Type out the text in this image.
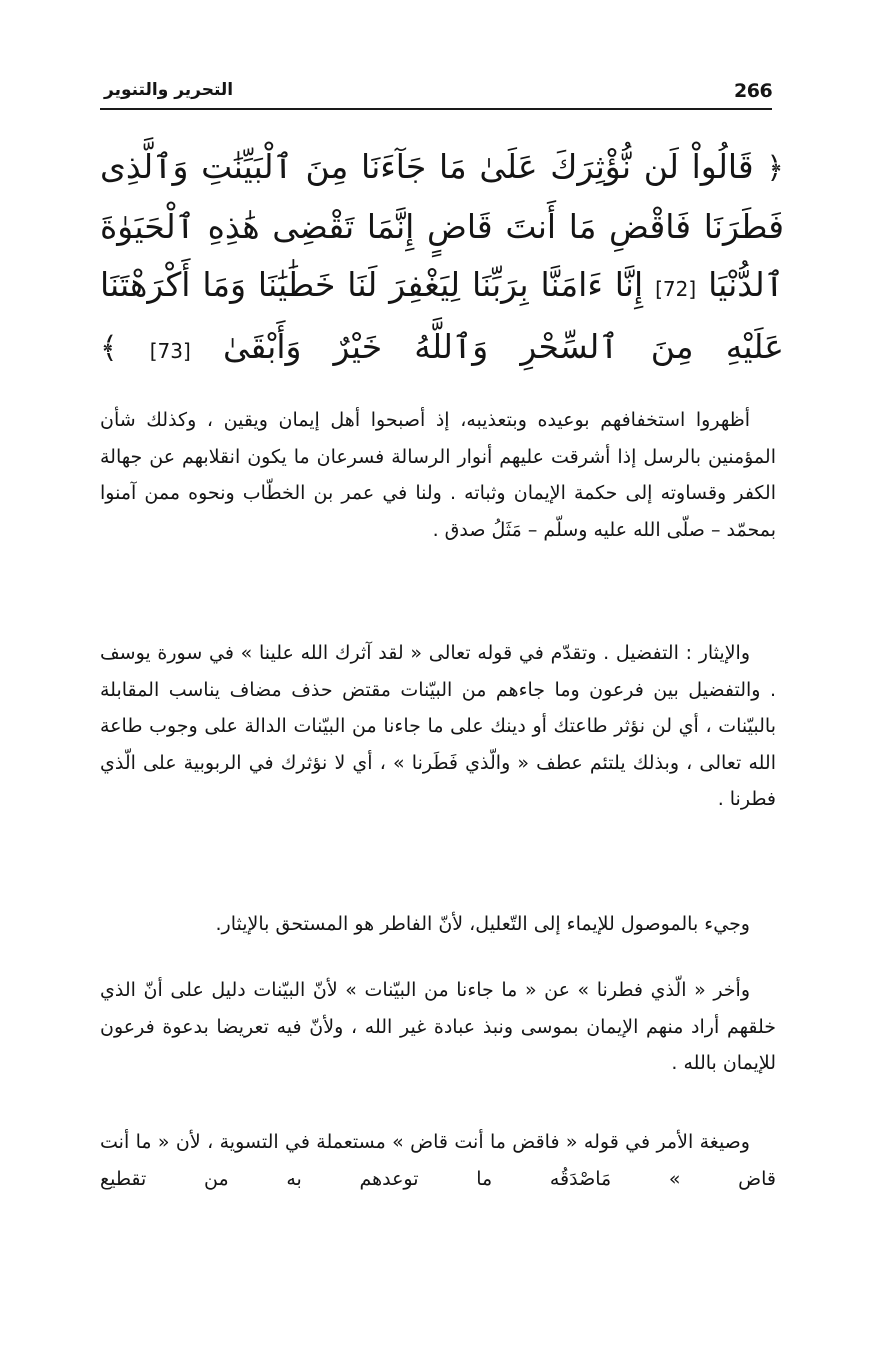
266
التحرير والتنوير
﴿ قَالُواْ لَن نُّؤْثِرَكَ عَلَىٰ مَا جَآءَنَا مِنَ ٱلْبَيِّنَٰتِ وَٱلَّذِى فَطَرَنَا فَاقْضِ مَا أَنتَ قَاضٍ إِنَّمَا تَقْضِى هَٰذِهِ ٱلْحَيَوٰةَ ٱلدُّنْيَا [72] إِنَّا ءَامَنَّا بِرَبِّنَا لِيَغْفِرَ لَنَا خَطَٰيَٰنَا وَمَا أَكْرَهْتَنَا عَلَيْهِ مِنَ ٱلسِّحْرِ وَٱللَّهُ خَيْرٌ وَأَبْقَىٰ [73] ﴾

أظهروا استخفافهم بوعيده وبتعذيبه، إذ أصبحوا أهل إيمان ويقين ، وكذلك شأن المؤمنين بالرسل إذا أشرقت عليهم أنوار الرسالة فسرعان ما يكون انقلابهم عن جهالة الكفر وقساوته إلى حكمة الإيمان وثباته . ولنا في عمر بن الخطّاب ونحوه ممن آمنوا بمحمّد – صلّى الله عليه وسلّم – مَثَلُ صدق .

والإيثار : التفضيل . وتقدّم في قوله تعالى « لقد آثرك الله علينا » في سورة يوسف . والتفضيل بين فرعون وما جاءهم من البيّنات مقتض حذف مضاف يناسب المقابلة بالبيّنات ، أي لن نؤثر طاعتك أو دينك على ما جاءنا من البيّنات الدالة على وجوب طاعة الله تعالى ، وبذلك يلتئم عطف « والّذي فَطَرنا » ، أي لا نؤثرك في الربوبية على الّذي فطرنا .

وجيء بالموصول للإيماء إلى التّعليل، لأنّ الفاطر هو المستحق بالإيثار.

وأخر « الّذي فطرنا » عن « ما جاءنا من البيّنات » لأنّ البيّنات دليل على أنّ الذي خلقهم أراد منهم الإيمان بموسى ونبذ عبادة غير الله ، ولأنّ فيه تعريضا بدعوة فرعون للإيمان بالله .

وصيغة الأمر في قوله « فاقض ما أنت قاض » مستعملة في التسوية ، لأن « ما أنت قاض » مَاصْدَقُه ما توعدهم به من تقطيع
